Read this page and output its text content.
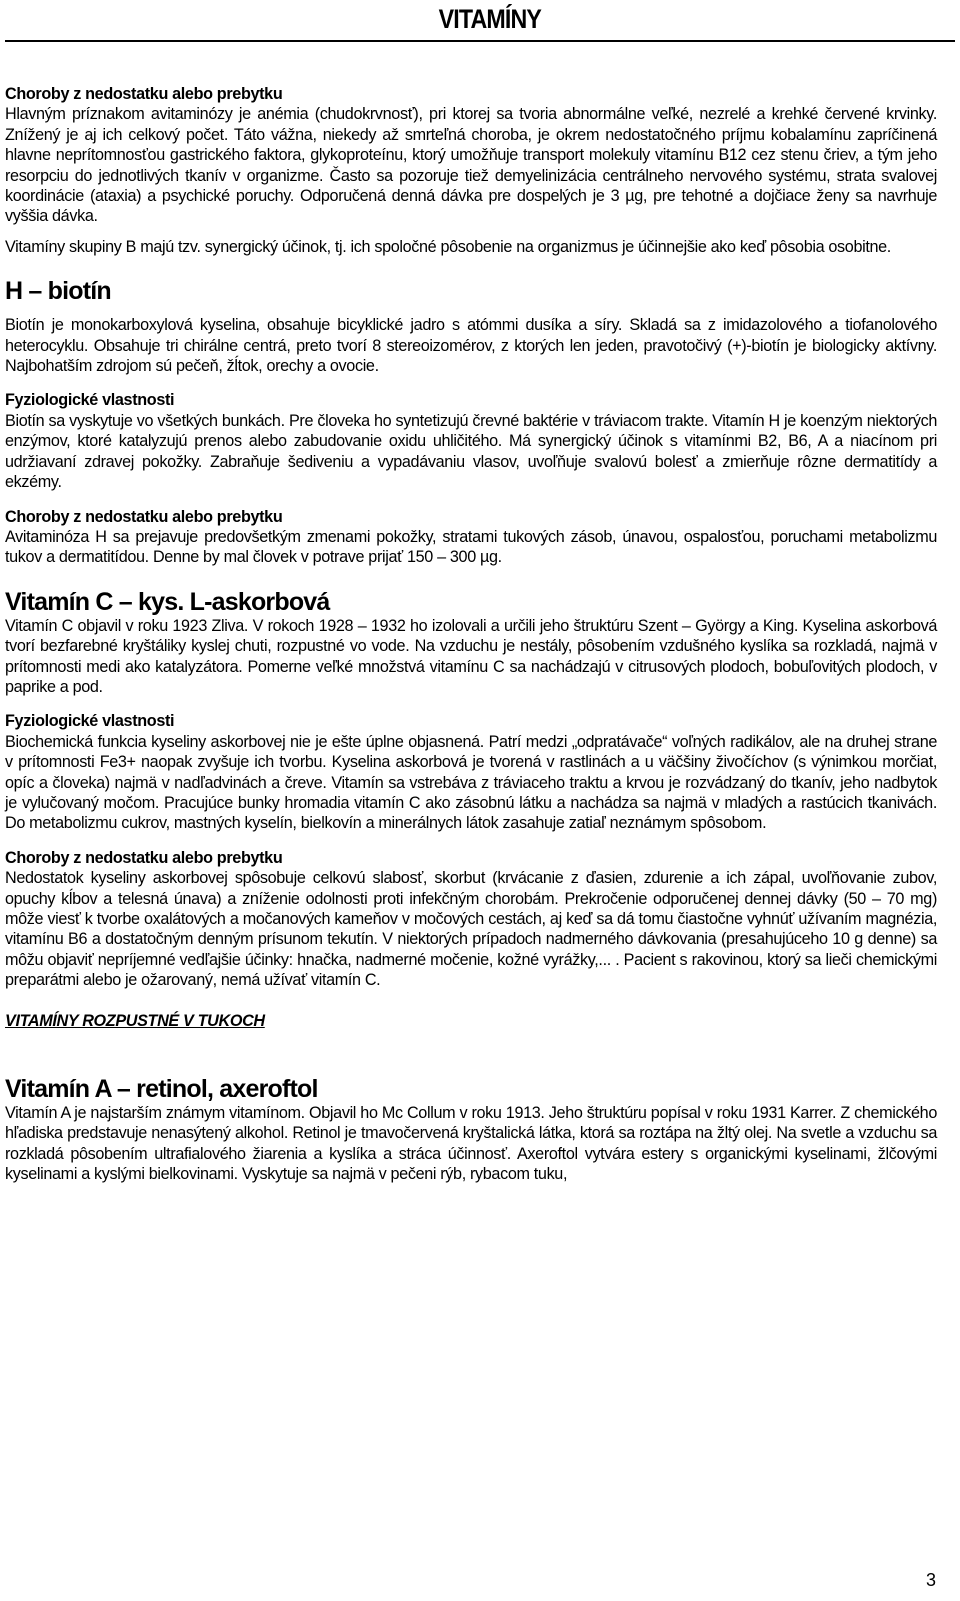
VITAMÍNY

Choroby z nedostatku alebo prebytku

Hlavným príznakom avitaminózy je anémia (chudokrvnosť), pri ktorej sa tvoria abnormálne veľké, nezrelé a krehké červené krvinky. Znížený je aj ich celkový počet. Táto vážna, niekedy až smrteľná choroba, je okrem nedostatočného príjmu kobalamínu zapríčinená hlavne neprítomnosťou gastrického faktora, glykoproteínu, ktorý umožňuje transport molekuly vitamínu B12 cez stenu čriev, a tým jeho resorpciu do jednotlivých tkanív v organizme. Často sa pozoruje tiež demyelinizácia centrálneho nervového systému, strata svalovej koordinácie (ataxia) a psychické poruchy. Odporučená denná dávka pre dospelých je 3 µg, pre tehotné a dojčiace ženy sa navrhuje vyššia dávka.

Vitamíny skupiny B majú tzv. synergický účinok, tj. ich spoločné pôsobenie na organizmus je účinnejšie ako keď pôsobia osobitne.

H – biotín

Biotín je monokarboxylová kyselina, obsahuje bicyklické jadro s atómmi dusíka a síry. Skladá sa z imidazolového a tiofanolového heterocyklu. Obsahuje tri chirálne centrá, preto tvorí 8 stereoizomérov, z ktorých len jeden, pravotočivý (+)-biotín je biologicky aktívny. Najbohatším zdrojom sú pečeň, žĺtok, orechy a ovocie.

Fyziologické vlastnosti

Biotín sa vyskytuje vo všetkých bunkách. Pre človeka ho syntetizujú črevné baktérie v tráviacom trakte. Vitamín H je koenzým niektorých enzýmov, ktoré katalyzujú prenos alebo zabudovanie oxidu uhličitého. Má synergický účinok s vitamínmi B2, B6, A a niacínom pri udržiavaní zdravej pokožky. Zabraňuje šediveniu a vypadávaniu vlasov, uvoľňuje svalovú bolesť a zmierňuje rôzne dermatitídy a ekzémy.

Choroby z nedostatku alebo prebytku

Avitaminóza H sa prejavuje predovšetkým zmenami pokožky, stratami tukových zásob, únavou, ospalosťou, poruchami metabolizmu tukov a dermatitídou. Denne by mal človek v potrave prijať 150 – 300 µg.

Vitamín C – kys. L-askorbová

Vitamín C objavil v roku 1923 Zliva. V rokoch 1928 – 1932 ho izolovali a určili jeho štruktúru Szent – György a King. Kyselina askorbová tvorí bezfarebné kryštáliky kyslej chuti, rozpustné vo vode. Na vzduchu je nestály, pôsobením vzdušného kyslíka sa rozkladá, najmä v prítomnosti medi ako katalyzátora. Pomerne veľké množstvá vitamínu C sa nachádzajú v citrusových plodoch, bobuľovitých plodoch, v paprike a pod.

Fyziologické vlastnosti

Biochemická funkcia kyseliny askorbovej nie je ešte úplne objasnená. Patrí medzi „odpratávače“ voľných radikálov, ale na druhej strane v prítomnosti Fe3+ naopak zvyšuje ich tvorbu. Kyselina askorbová je tvorená v rastlinách a u väčšiny živočíchov (s výnimkou morčiat, opíc a človeka) najmä v nadľadvinách a čreve. Vitamín sa vstrebáva z tráviaceho traktu a krvou je rozvádzaný do tkanív, jeho nadbytok je vylučovaný močom. Pracujúce bunky hromadia vitamín C ako zásobnú látku a nachádza sa najmä v mladých a rastúcich tkanivách. Do metabolizmu cukrov, mastných kyselín, bielkovín a minerálnych látok zasahuje zatiaľ neznámym spôsobom.

Choroby z nedostatku alebo prebytku

Nedostatok kyseliny askorbovej spôsobuje celkovú slabosť, skorbut (krvácanie z ďasien, zdurenie a ich zápal, uvoľňovanie zubov, opuchy kĺbov a telesná únava) a zníženie odolnosti proti infekčným chorobám. Prekročenie odporučenej dennej dávky (50 – 70 mg) môže viesť k tvorbe oxalátových a močanových kameňov v močových cestách, aj keď sa dá tomu čiastočne vyhnúť užívaním magnézia, vitamínu B6 a dostatočným denným prísunom tekutín. V niektorých prípadoch nadmerného dávkovania (presahujúceho 10 g denne) sa môžu objaviť nepríjemné vedľajšie účinky: hnačka, nadmerné močenie, kožné vyrážky,... . Pacient s rakovinou, ktorý sa lieči chemickými preparátmi alebo je ožarovaný, nemá užívať vitamín C.

VITAMÍNY ROZPUSTNÉ V TUKOCH

Vitamín A – retinol, axeroftol

Vitamín A je najstarším známym vitamínom. Objavil ho Mc Collum v roku 1913. Jeho štruktúru popísal v roku 1931 Karrer. Z chemického hľadiska predstavuje nenasýtený alkohol. Retinol je tmavočervená kryštalická látka, ktorá sa roztápa na žltý olej. Na svetle a vzduchu sa rozkladá pôsobením ultrafialového žiarenia a kyslíka a stráca účinnosť. Axeroftol vytvára estery s organickými kyselinami, žlčovými kyselinami a kyslými bielkovinami. Vyskytuje sa najmä v pečeni rýb, rybacom tuku,

3
